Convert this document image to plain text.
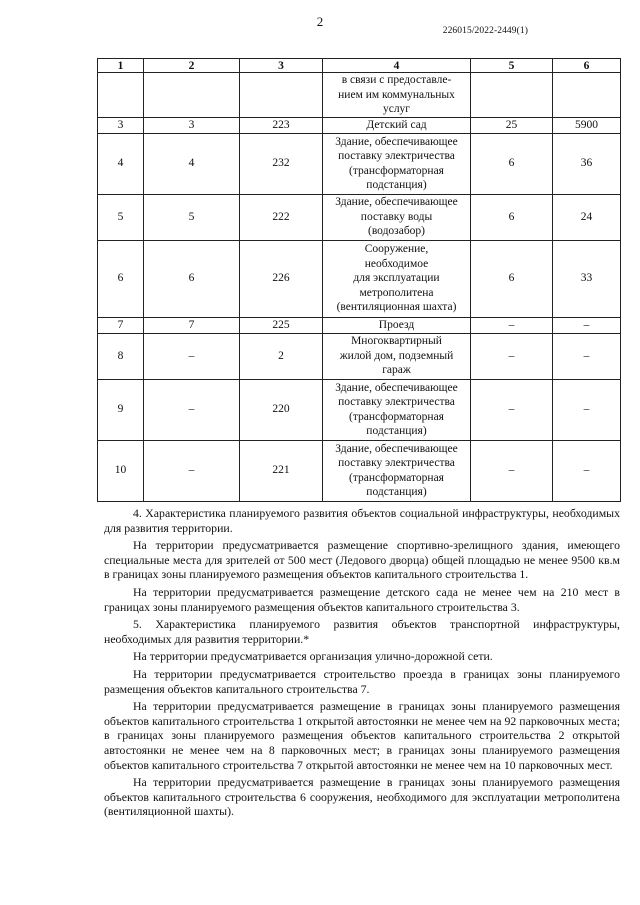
2
226015/2022-2449(1)
1	2	3	4	5	6
			в связи с предоставле-
нием им коммунальных
услуг		
3	3	223	Детский сад	25	5900
4	4	232	Здание, обеспечивающее
поставку электричества
(трансформаторная
подстанция)	6	36
5	5	222	Здание, обеспечивающее
поставку воды
(водозабор)	6	24
6	6	226	Сооружение,
необходимое
для эксплуатации
метрополитена
(вентиляционная шахта)	6	33
7	7	225	Проезд	–	–
8	–	2	Многоквартирный
жилой дом, подземный
гараж	–	–
9	–	220	Здание, обеспечивающее
поставку электричества
(трансформаторная
подстанция)	–	–
10	–	221	Здание, обеспечивающее
поставку электричества
(трансформаторная
подстанция)	–	–

4. Характеристика планируемого развития объектов социальной инфраструктуры, необходимых для развития территории.

На территории предусматривается размещение спортивно-зрелищного здания, имеющего специальные места для зрителей от 500 мест (Ледового дворца) общей площадью не менее 9500 кв.м в границах зоны планируемого размещения объектов капитального строительства 1.

На территории предусматривается размещение детского сада не менее чем на 210 мест в границах зоны планируемого размещения объектов капитального строительства 3.

5. Характеристика планируемого развития объектов транспортной инфраструктуры, необходимых для развития территории.*

На территории предусматривается организация улично-дорожной сети.

На территории предусматривается строительство проезда в границах зоны планируемого размещения объектов капитального строительства 7.

На территории предусматривается размещение в границах зоны планируемого размещения объектов капитального строительства 1 открытой автостоянки не менее чем на 92 парковочных места; в границах зоны планируемого размещения объектов капитального строительства 2 открытой автостоянки не менее чем на 8 парковочных мест; в границах зоны планируемого размещения объектов капитального строительства 7 открытой автостоянки не менее чем на 10 парковочных мест.

На территории предусматривается размещение в границах зоны планируемого размещения объектов капитального строительства 6 сооружения, необходимого для эксплуатации метрополитена (вентиляционной шахты).
